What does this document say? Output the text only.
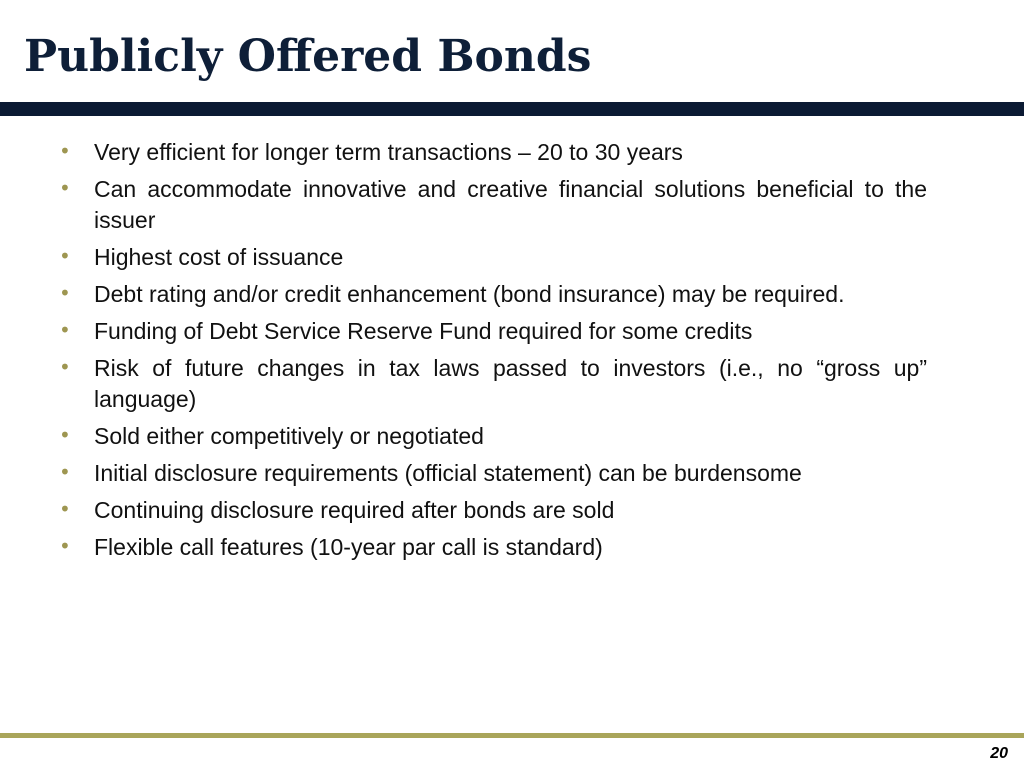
Publicly Offered Bonds
• Very efficient for longer term transactions – 20 to 30 years
• Can accommodate innovative and creative financial solutions beneficial to the issuer
• Highest cost of issuance
• Debt rating and/or credit enhancement (bond insurance) may be required.
• Funding of Debt Service Reserve Fund required for some credits
• Risk of future changes in tax laws passed to investors (i.e., no “gross up” language)
• Sold either competitively or negotiated
• Initial disclosure requirements (official statement) can be burdensome
• Continuing disclosure required after bonds are sold
• Flexible call features (10-year par call is standard)
20
